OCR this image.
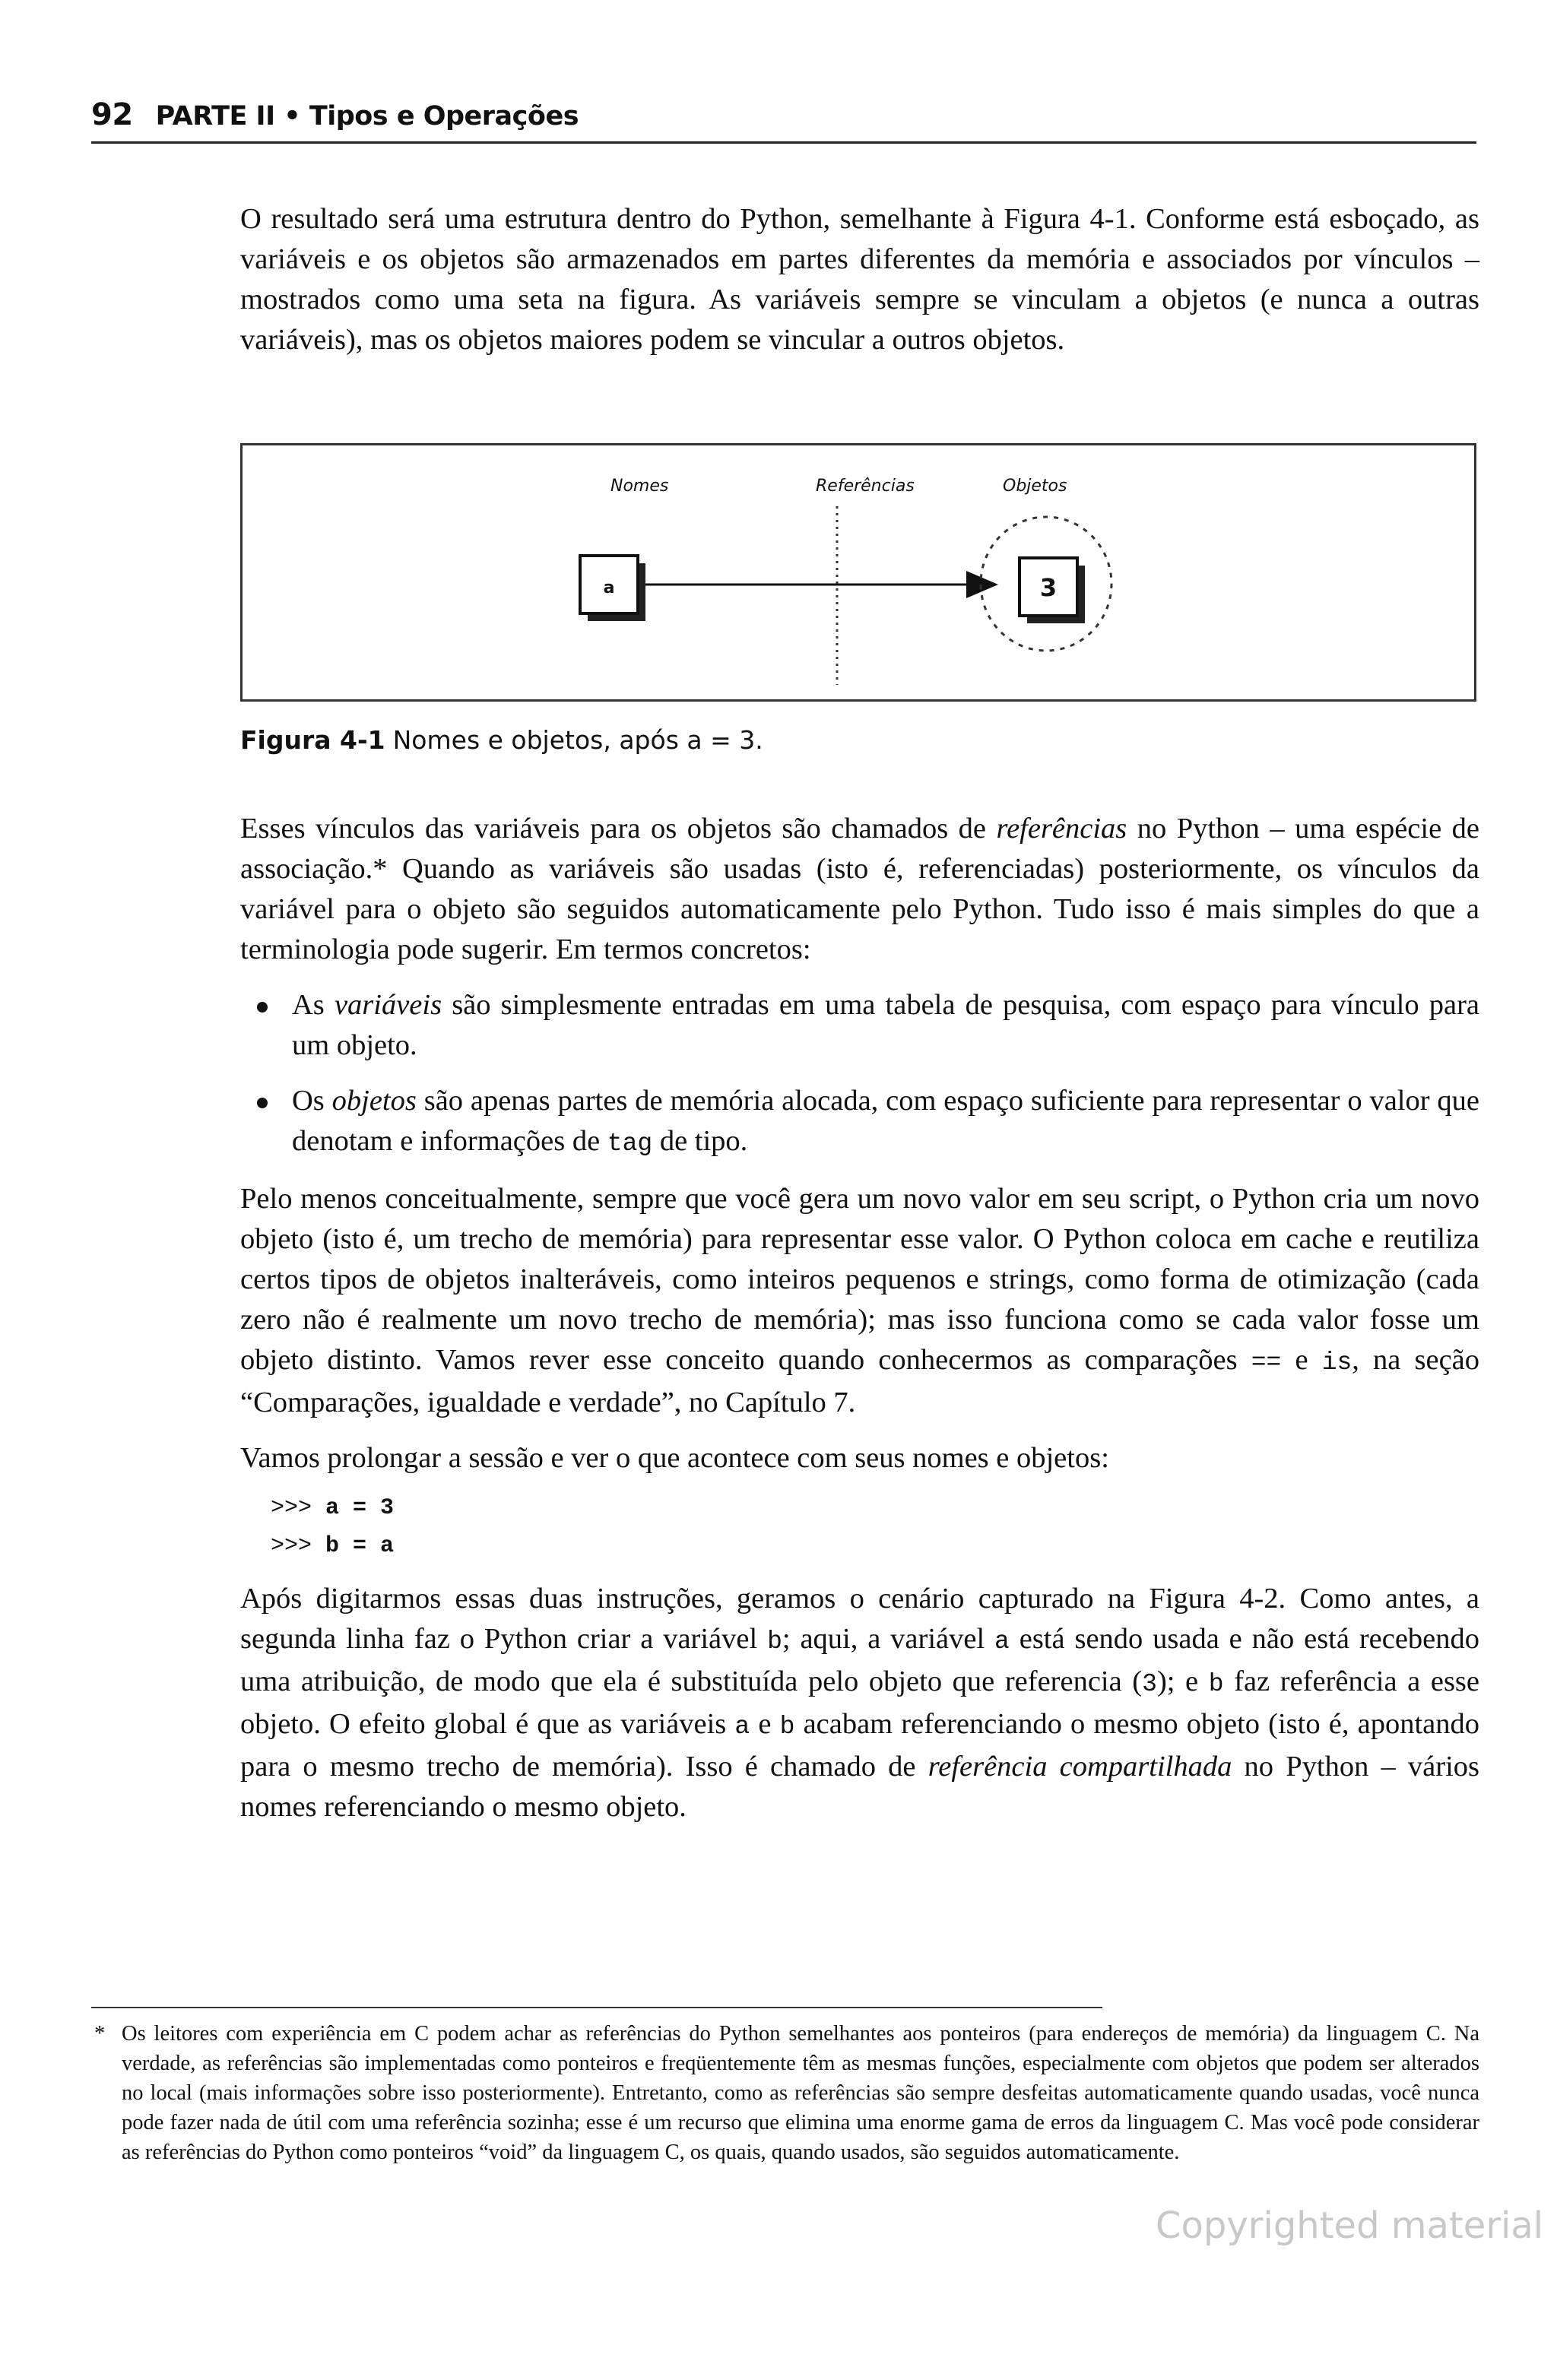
92 PARTE II • Tipos e Operações

O resultado será uma estrutura dentro do Python, semelhante à Figura 4-1. Conforme está esboçado, as variáveis e os objetos são armazenados em partes diferentes da memória e associados por vínculos – mostrados como uma seta na figura. As variáveis sempre se vinculam a objetos (e nunca a outras variáveis), mas os objetos maiores podem se vincular a outros objetos.

Nomes	Referências	Objetos
a	3
Figura 4-1 Nomes e objetos, após a = 3.

Esses vínculos das variáveis para os objetos são chamados de referências no Python – uma espécie de associação.* Quando as variáveis são usadas (isto é, referenciadas) posteriormente, os vínculos da variável para o objeto são seguidos automaticamente pelo Python. Tudo isso é mais simples do que a terminologia pode sugerir. Em termos concretos:

As variáveis são simplesmente entradas em uma tabela de pesquisa, com espaço para vínculo para um objeto.

Os objetos são apenas partes de memória alocada, com espaço suficiente para representar o valor que denotam e informações de tag de tipo.

Pelo menos conceitualmente, sempre que você gera um novo valor em seu script, o Python cria um novo objeto (isto é, um trecho de memória) para representar esse valor. O Python coloca em cache e reutiliza certos tipos de objetos inalteráveis, como inteiros pequenos e strings, como forma de otimização (cada zero não é realmente um novo trecho de memória); mas isso funciona como se cada valor fosse um objeto distinto. Vamos rever esse conceito quando conhecermos as comparações == e is, na seção “Comparações, igualdade e verdade”, no Capítulo 7.

Vamos prolongar a sessão e ver o que acontece com seus nomes e objetos:

>>> a = 3
>>> b = a

Após digitarmos essas duas instruções, geramos o cenário capturado na Figura 4-2. Como antes, a segunda linha faz o Python criar a variável b; aqui, a variável a está sendo usada e não está recebendo uma atribuição, de modo que ela é substituída pelo objeto que referencia (3); e b faz referência a esse objeto. O efeito global é que as variáveis a e b acabam referenciando o mesmo objeto (isto é, apontando para o mesmo trecho de memória). Isso é chamado de referência compartilhada no Python – vários nomes referenciando o mesmo objeto.

* Os leitores com experiência em C podem achar as referências do Python semelhantes aos ponteiros (para endereços de memória) da linguagem C. Na verdade, as referências são implementadas como ponteiros e freqüentemente têm as mesmas funções, especialmente com objetos que podem ser alterados no local (mais informações sobre isso posteriormente). Entretanto, como as referências são sempre desfeitas automaticamente quando usadas, você nunca pode fazer nada de útil com uma referência sozinha; esse é um recurso que elimina uma enorme gama de erros da linguagem C. Mas você pode considerar as referências do Python como ponteiros “void” da linguagem C, os quais, quando usados, são seguidos automaticamente.
Copyrighted material
